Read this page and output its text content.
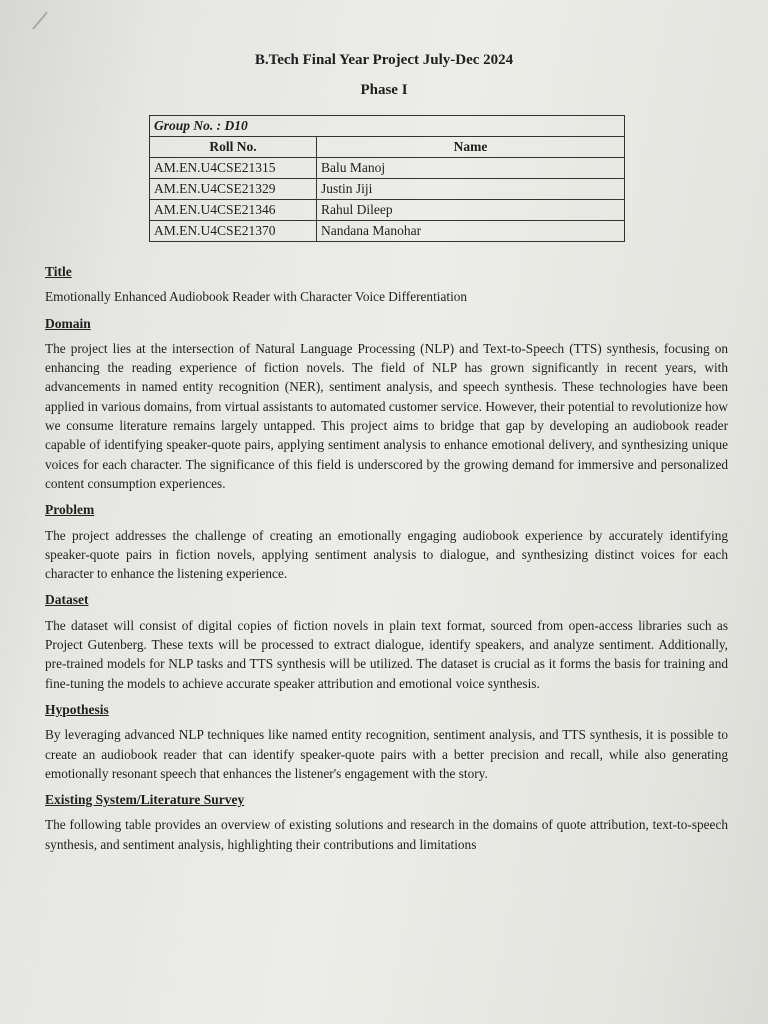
B.Tech Final Year Project July-Dec 2024
Phase I
Group No. : D10	
Roll No.	Name
AM.EN.U4CSE21315	Balu Manoj
AM.EN.U4CSE21329	Justin Jiji
AM.EN.U4CSE21346	Rahul Dileep
AM.EN.U4CSE21370	Nandana Manohar
Title
Emotionally Enhanced Audiobook Reader with Character Voice Differentiation
Domain
The project lies at the intersection of Natural Language Processing (NLP) and Text-to-Speech (TTS) synthesis, focusing on enhancing the reading experience of fiction novels. The field of NLP has grown significantly in recent years, with advancements in named entity recognition (NER), sentiment analysis, and speech synthesis. These technologies have been applied in various domains, from virtual assistants to automated customer service. However, their potential to revolutionize how we consume literature remains largely untapped. This project aims to bridge that gap by developing an audiobook reader capable of identifying speaker-quote pairs, applying sentiment analysis to enhance emotional delivery, and synthesizing unique voices for each character. The significance of this field is underscored by the growing demand for immersive and personalized content consumption experiences.
Problem
The project addresses the challenge of creating an emotionally engaging audiobook experience by accurately identifying speaker-quote pairs in fiction novels, applying sentiment analysis to dialogue, and synthesizing distinct voices for each character to enhance the listening experience.
Dataset
The dataset will consist of digital copies of fiction novels in plain text format, sourced from open-access libraries such as Project Gutenberg. These texts will be processed to extract dialogue, identify speakers, and analyze sentiment. Additionally, pre-trained models for NLP tasks and TTS synthesis will be utilized. The dataset is crucial as it forms the basis for training and fine-tuning the models to achieve accurate speaker attribution and emotional voice synthesis.
Hypothesis
By leveraging advanced NLP techniques like named entity recognition, sentiment analysis, and TTS synthesis, it is possible to create an audiobook reader that can identify speaker-quote pairs with a better precision and recall, while also generating emotionally resonant speech that enhances the listener's engagement with the story.
Existing System/Literature Survey
The following table provides an overview of existing solutions and research in the domains of quote attribution, text-to-speech synthesis, and sentiment analysis, highlighting their contributions and limitations
